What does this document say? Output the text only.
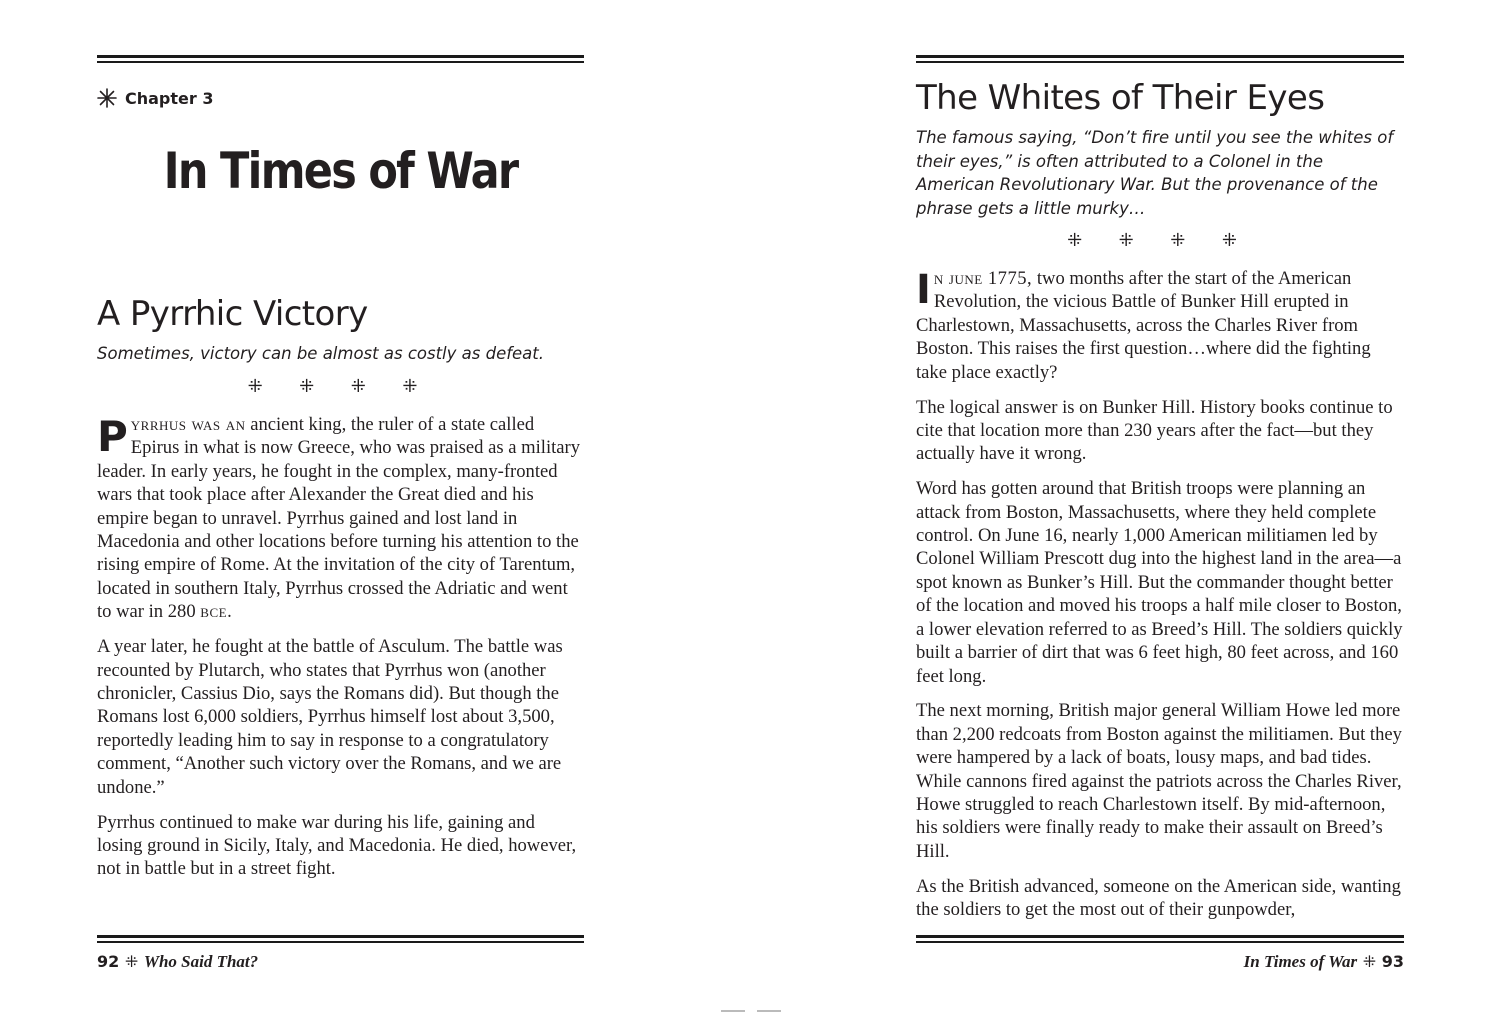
Chapter 3
In Times of War
A Pyrrhic Victory
Sometimes, victory can be almost as costly as defeat.
⁜ ⁜ ⁜ ⁜

Pyrrhus was an ancient king, the ruler of a state called Epirus in what is now Greece, who was praised as a military leader. In early years, he fought in the complex, many-fronted wars that took place after Alexander the Great died and his empire began to unravel. Pyrrhus gained and lost land in Macedonia and other locations before turning his attention to the rising empire of Rome. At the invitation of the city of Tarentum, located in southern Italy, Pyrrhus crossed the Adriatic and went to war in 280 bce.

A year later, he fought at the battle of Asculum. The battle was recounted by Plutarch, who states that Pyrrhus won (another chronicler, Cassius Dio, says the Romans did). But though the Romans lost 6,000 soldiers, Pyrrhus himself lost about 3,500, reportedly leading him to say in response to a congratulatory comment, “Another such victory over the Romans, and we are undone.”

Pyrrhus continued to make war during his life, gaining and losing ground in Sicily, Italy, and Macedonia. He died, however, not in battle but in a street fight.

92 ⁜ Who Said That?
The Whites of Their Eyes
The famous saying, “Don’t fire until you see the whites of their eyes,” is often attributed to a Colonel in the American Revolutionary War. But the provenance of the phrase gets a little murky…
⁜ ⁜ ⁜ ⁜

In june 1775, two months after the start of the American Revolution, the vicious Battle of Bunker Hill erupted in Charlestown, Massachusetts, across the Charles River from Boston. This raises the first question…where did the fighting take place exactly?

The logical answer is on Bunker Hill. History books continue to cite that location more than 230 years after the fact—but they actually have it wrong.

Word has gotten around that British troops were planning an attack from Boston, Massachusetts, where they held complete control. On June 16, nearly 1,000 American militiamen led by Colonel William Prescott dug into the highest land in the area—a spot known as Bunker’s Hill. But the commander thought better of the location and moved his troops a half mile closer to Boston, a lower elevation referred to as Breed’s Hill. The soldiers quickly built a barrier of dirt that was 6 feet high, 80 feet across, and 160 feet long.

The next morning, British major general William Howe led more than 2,200 redcoats from Boston against the militiamen. But they were hampered by a lack of boats, lousy maps, and bad tides. While cannons fired against the patriots across the Charles River, Howe struggled to reach Charlestown itself. By mid-afternoon, his soldiers were finally ready to make their assault on Breed’s Hill.

As the British advanced, someone on the American side, wanting the soldiers to get the most out of their gunpowder,

In Times of War ⁜ 93
